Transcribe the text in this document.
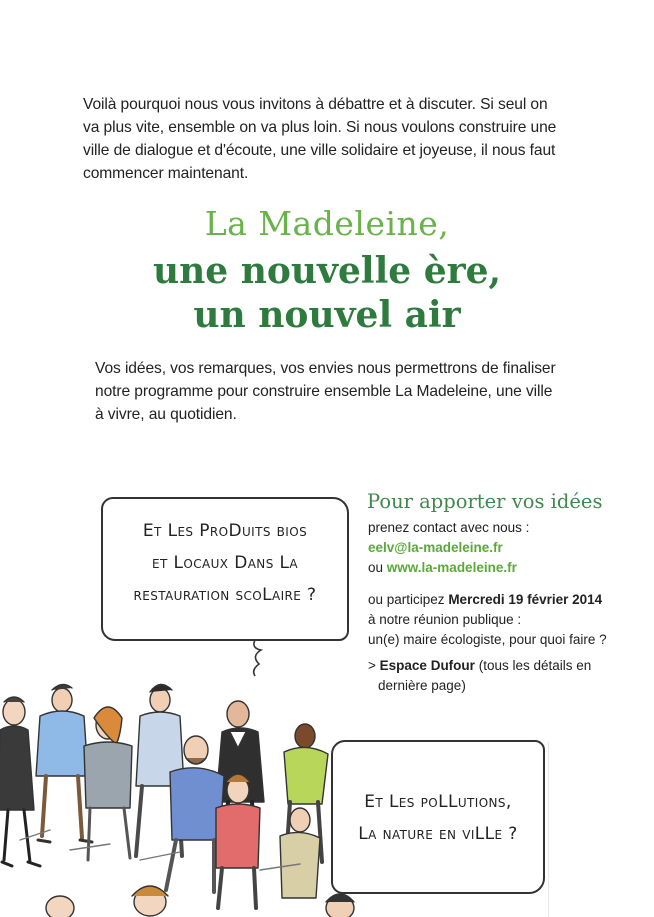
Voilà pourquoi nous vous invitons à débattre et à discuter. Si seul on
va plus vite, ensemble on va plus loin. Si nous voulons construire une
ville de dialogue et d'écoute, une ville solidaire et joyeuse, il nous faut
commencer maintenant.

La Madeleine,
une nouvelle ère,
un nouvel air

Vos idées, vos remarques, vos envies nous permettrons de finaliser
notre programme pour construire ensemble La Madeleine, une ville
à vivre, au quotidien.

Et Les ProDuits bios
et Locaux Dans La
restauration scoLaire ?
Et Les poLLutions,
La nature en viLLe ?
Pour apporter vos idées
prenez contact avec nous :
eelv@la-madeleine.fr
ou www.la-madeleine.fr
ou participez Mercredi 19 février 2014
à notre réunion publique :
un(e) maire écologiste, pour quoi faire ?
> Espace Dufour (tous les détails en
dernière page)
